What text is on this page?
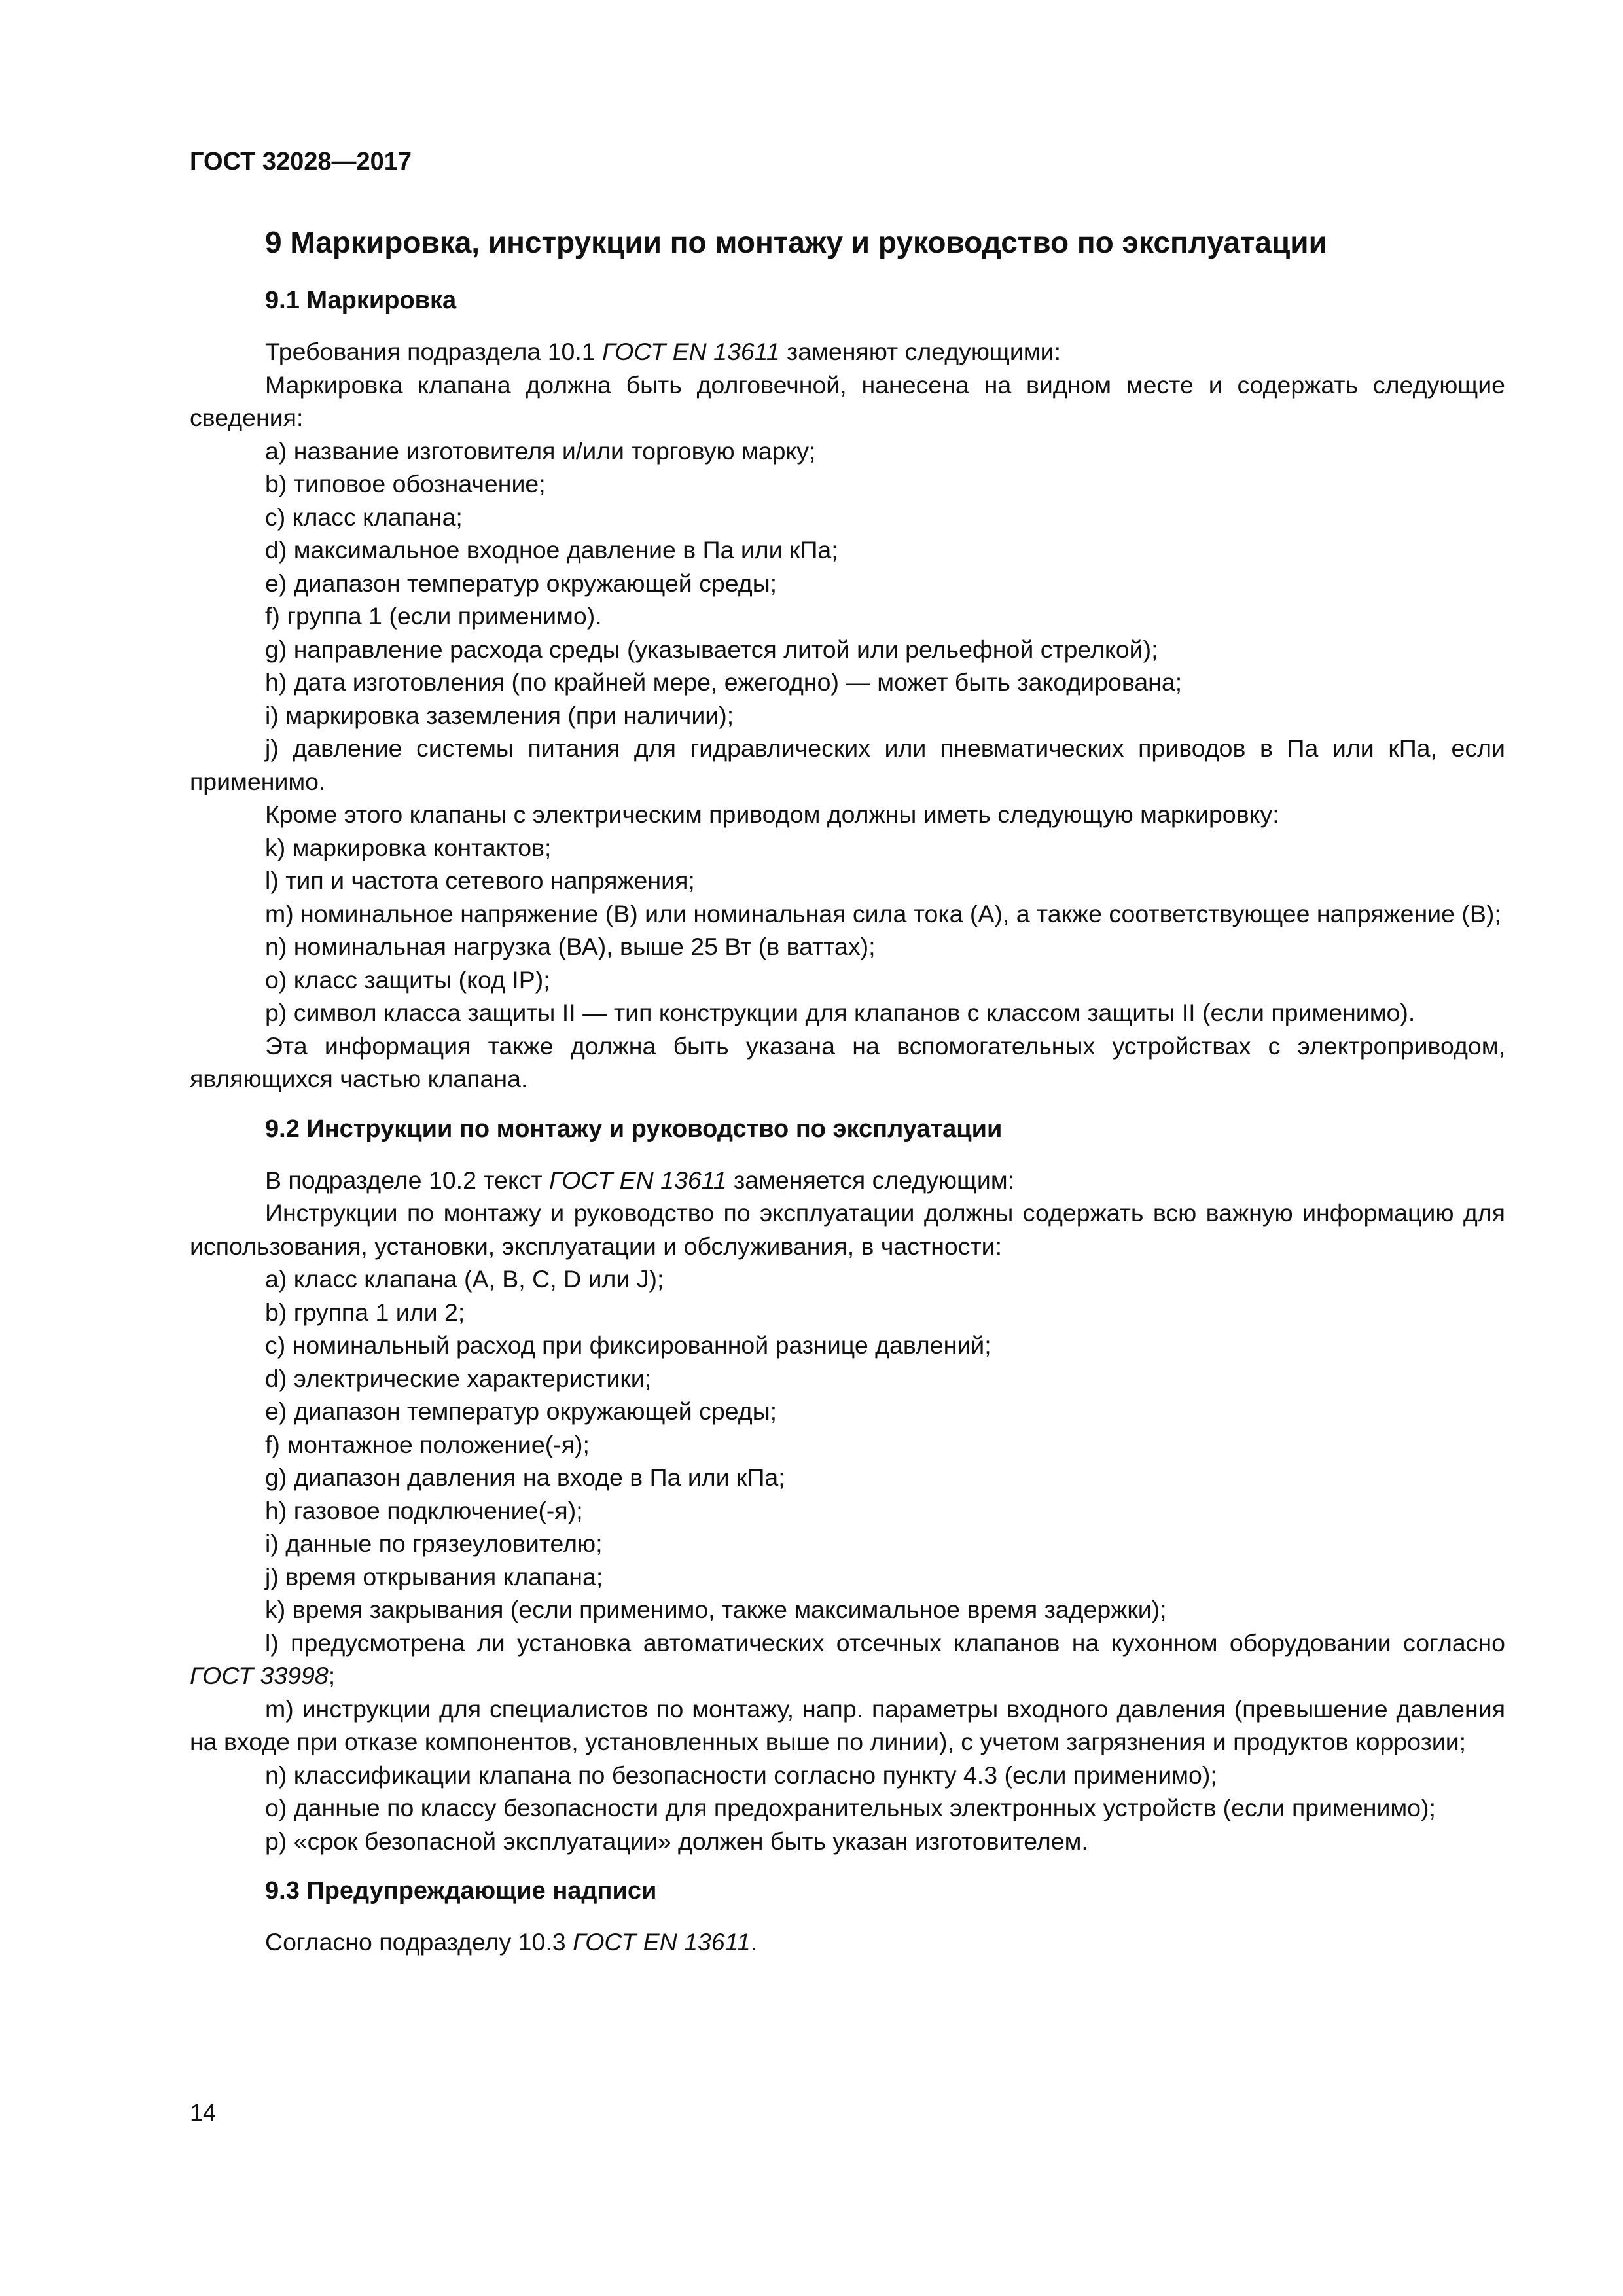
ГОСТ 32028—2017
9 Маркировка, инструкции по монтажу и руководство по эксплуатации
9.1 Маркировка

Требования подраздела 10.1 ГОСТ EN 13611 заменяют следующими:

Маркировка клапана должна быть долговечной, нанесена на видном месте и содержать следующие сведения:

a) название изготовителя и/или торговую марку;

b) типовое обозначение;

c) класс клапана;

d) максимальное входное давление в Па или кПа;

e) диапазон температур окружающей среды;

f) группа 1 (если применимо).

g) направление расхода среды (указывается литой или рельефной стрелкой);

h) дата изготовления (по крайней мере, ежегодно) — может быть закодирована;

i) маркировка заземления (при наличии);

j) давление системы питания для гидравлических или пневматических приводов в Па или кПа, если применимо.

Кроме этого клапаны с электрическим приводом должны иметь следующую маркировку:

k) маркировка контактов;

l) тип и частота сетевого напряжения;

m) номинальное напряжение (В) или номинальная сила тока (А), а также соответствующее напряжение (В);

n) номинальная нагрузка (ВА), выше 25 Вт (в ваттах);

o) класс защиты (код IP);

p) символ класса защиты II — тип конструкции для клапанов с классом защиты II (если применимо).

Эта информация также должна быть указана на вспомогательных устройствах с электроприводом, являющихся частью клапана.

9.2 Инструкции по монтажу и руководство по эксплуатации

В подразделе 10.2 текст ГОСТ EN 13611 заменяется следующим:

Инструкции по монтажу и руководство по эксплуатации должны содержать всю важную информацию для использования, установки, эксплуатации и обслуживания, в частности:

a) класс клапана (A, B, C, D или J);

b) группа 1 или 2;

c) номинальный расход при фиксированной разнице давлений;

d) электрические характеристики;

e) диапазон температур окружающей среды;

f) монтажное положение(-я);

g) диапазон давления на входе в Па или кПа;

h) газовое подключение(-я);

i) данные по грязеуловителю;

j) время открывания клапана;

k) время закрывания (если применимо, также максимальное время задержки);

l) предусмотрена ли установка автоматических отсечных клапанов на кухонном оборудовании согласно ГОСТ 33998;

m) инструкции для специалистов по монтажу, напр. параметры входного давления (превышение давления на входе при отказе компонентов, установленных выше по линии), с учетом загрязнения и продуктов коррозии;

n) классификации клапана по безопасности согласно пункту 4.3 (если применимо);

o) данные по классу безопасности для предохранительных электронных устройств (если применимо);

p) «срок безопасной эксплуатации» должен быть указан изготовителем.

9.3 Предупреждающие надписи

Согласно подразделу 10.3 ГОСТ EN 13611.

14
